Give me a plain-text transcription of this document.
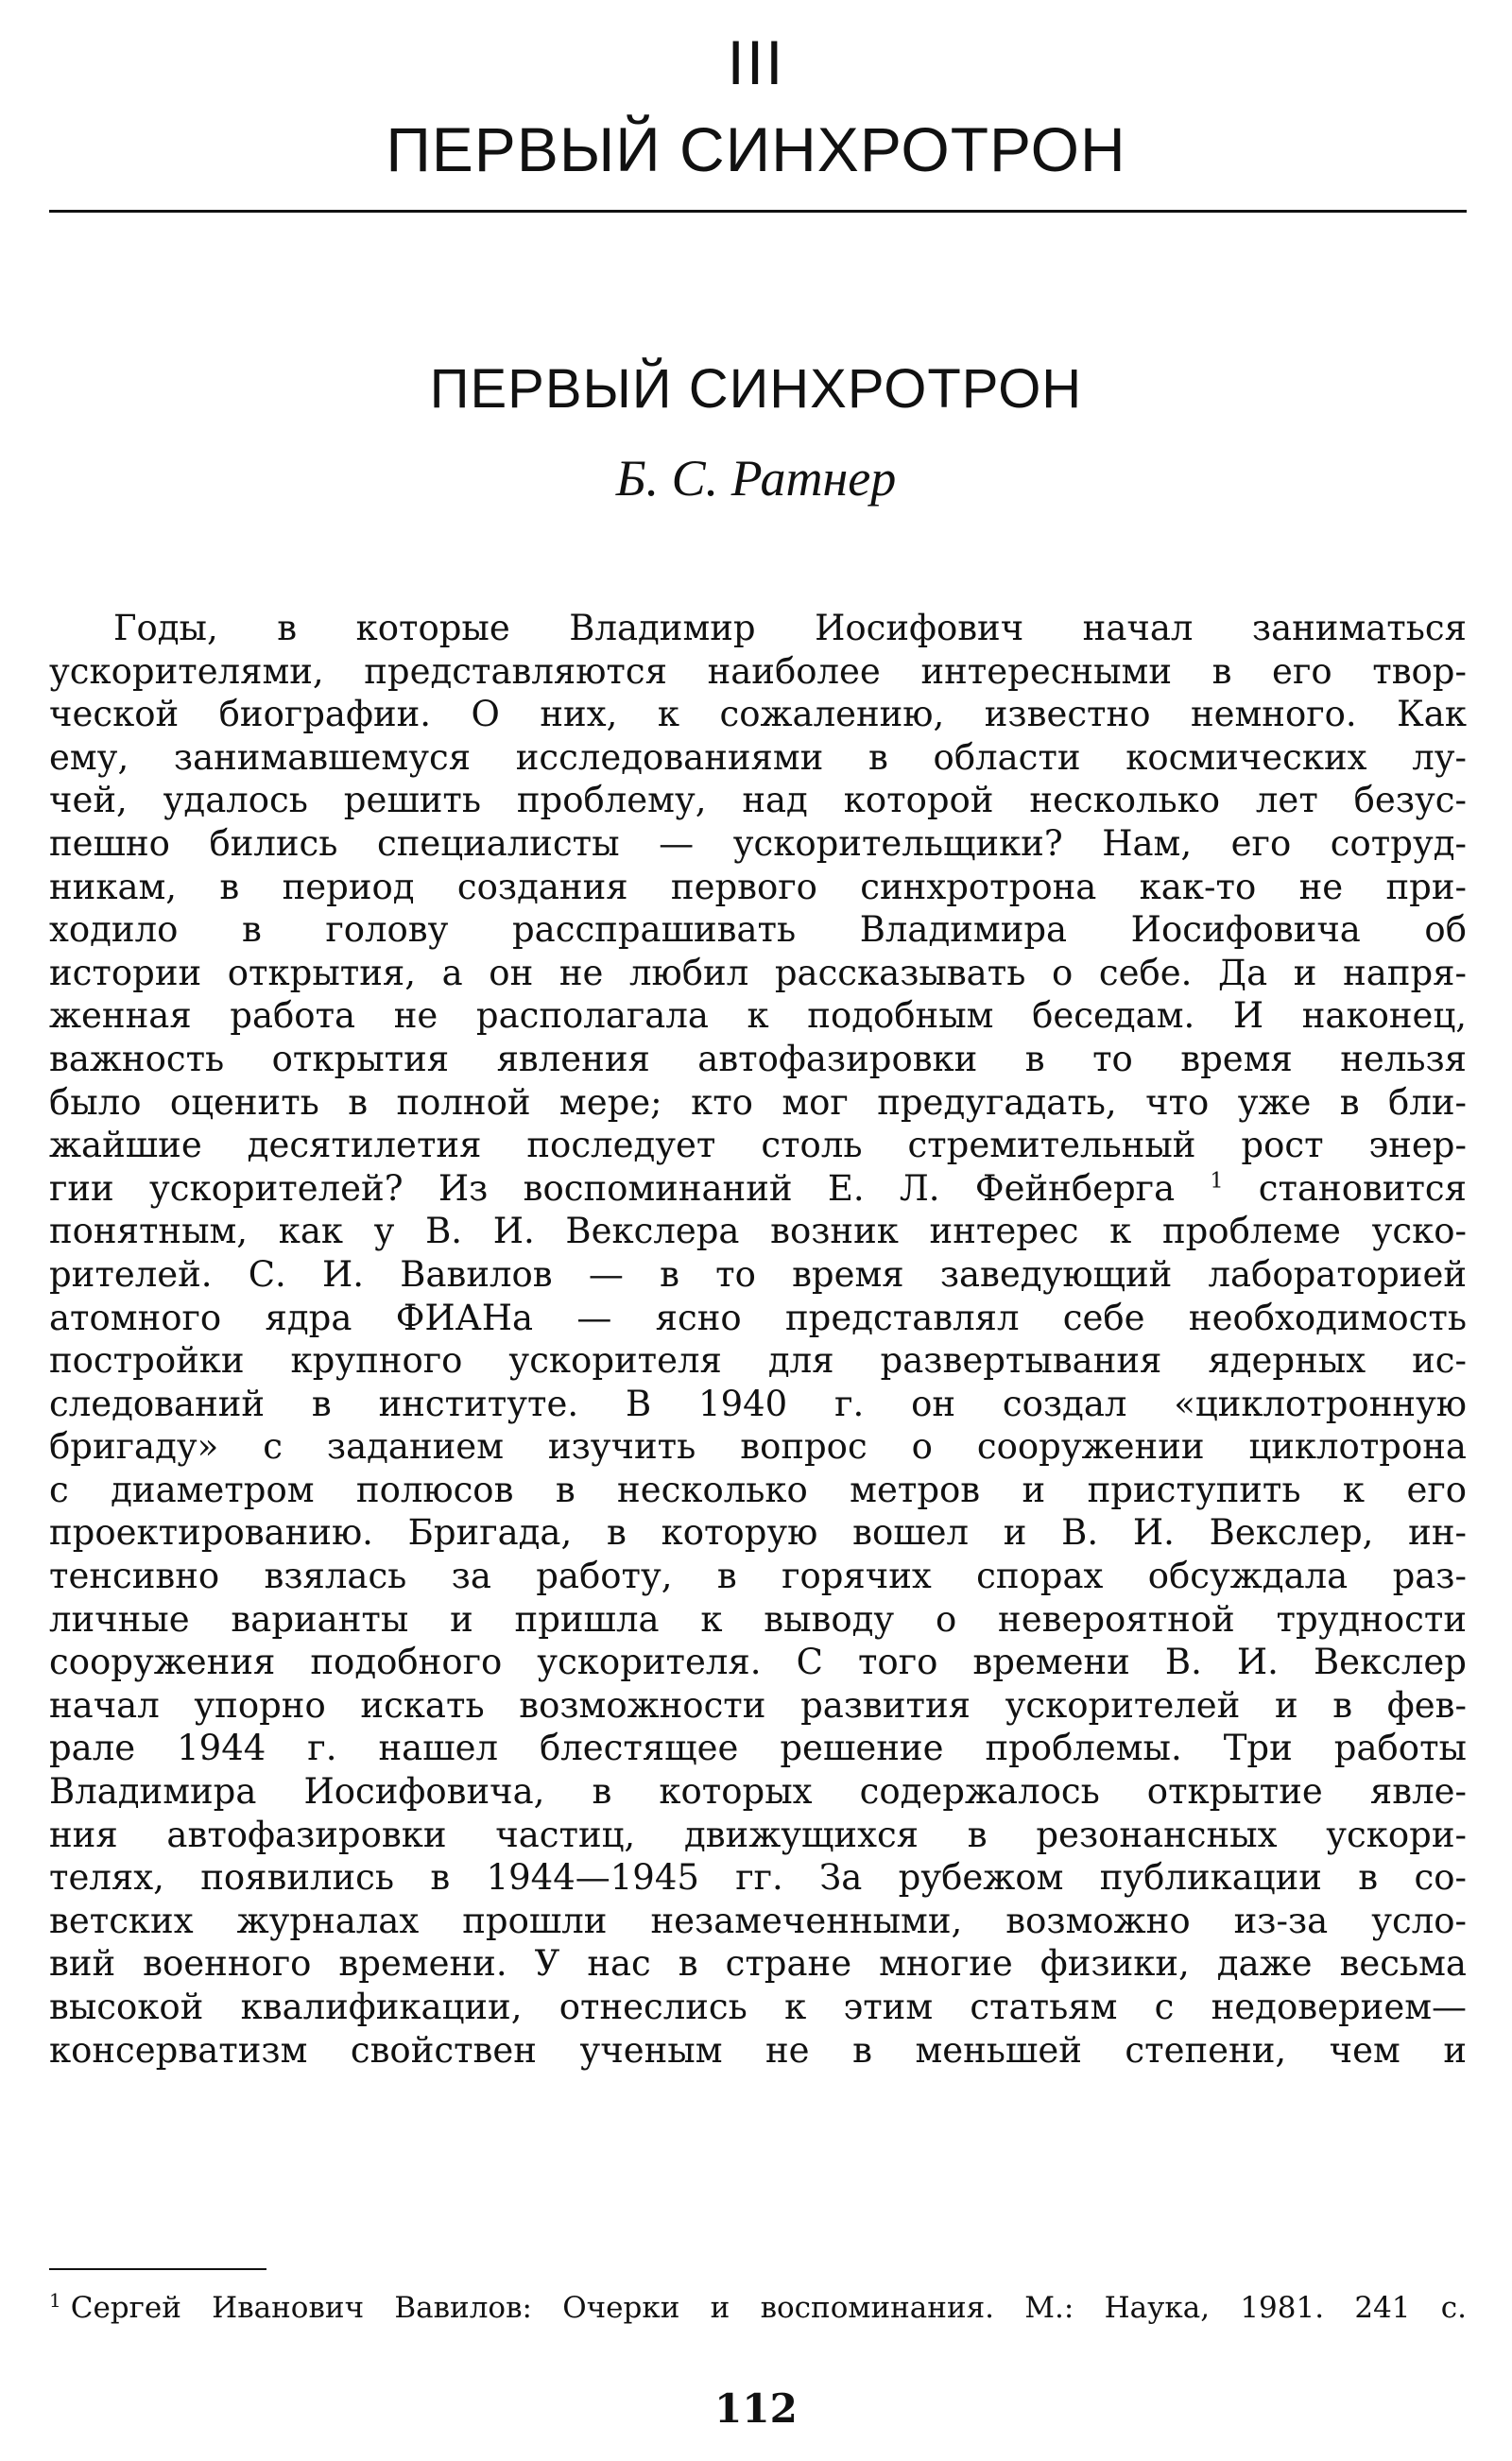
III
ПЕРВЫЙ СИНХРОТРОН
ПЕРВЫЙ СИНХРОТРОН
Б. С. Ратнер
Годы, в которые Владимир Иосифович начал заниматься
ускорителями, представляются наиболее интересными в его твор-
ческой биографии. О них, к сожалению, известно немного. Как
ему, занимавшемуся исследованиями в области космических лу-
чей, удалось решить проблему, над которой несколько лет безус-
пешно бились специалисты — ускорительщики? Нам, его сотруд-
никам, в период создания первого синхротрона как-то не при-
ходило в голову расспрашивать Владимира Иосифовича об
истории открытия, а он не любил рассказывать о себе. Да и напря-
женная работа не располагала к подобным беседам. И наконец,
важность открытия явления автофазировки в то время нельзя
было оценить в полной мере; кто мог предугадать, что уже в бли-
жайшие десятилетия последует столь стремительный рост энер-
гии ускорителей? Из воспоминаний Е. Л. Фейнберга $^1$ становится
понятным, как у В. И. Векслера возник интерес к проблеме уско-
рителей. С. И. Вавилов — в то время заведующий лабораторией
атомного ядра ФИАНа — ясно представлял себе необходимость
постройки крупного ускорителя для развертывания ядерных ис-
следований в институте. В 1940 г. он создал «циклотронную
бригаду» с заданием изучить вопрос о сооружении циклотрона
с диаметром полюсов в несколько метров и приступить к его
проектированию. Бригада, в которую вошел и В. И. Векслер, ин-
тенсивно взялась за работу, в горячих спорах обсуждала раз-
личные варианты и пришла к выводу о невероятной трудности
сооружения подобного ускорителя. С того времени В. И. Векслер
начал упорно искать возможности развития ускорителей и в фев-
рале 1944 г. нашел блестящее решение проблемы. Три работы
Владимира Иосифовича, в которых содержалось открытие явле-
ния автофазировки частиц, движущихся в резонансных ускори-
телях, появились в 1944—1945 гг. За рубежом публикации в со-
ветских журналах прошли незамеченными, возможно из-за усло-
вий военного времени. У нас в стране многие физики, даже весьма
высокой квалификации, отнеслись к этим статьям с недоверием—
консерватизм свойствен ученым не в меньшей степени, чем и
$^1$ Сергей Иванович Вавилов: Очерки и воспоминания. М.: Наука, 1981. 241 с.
112
